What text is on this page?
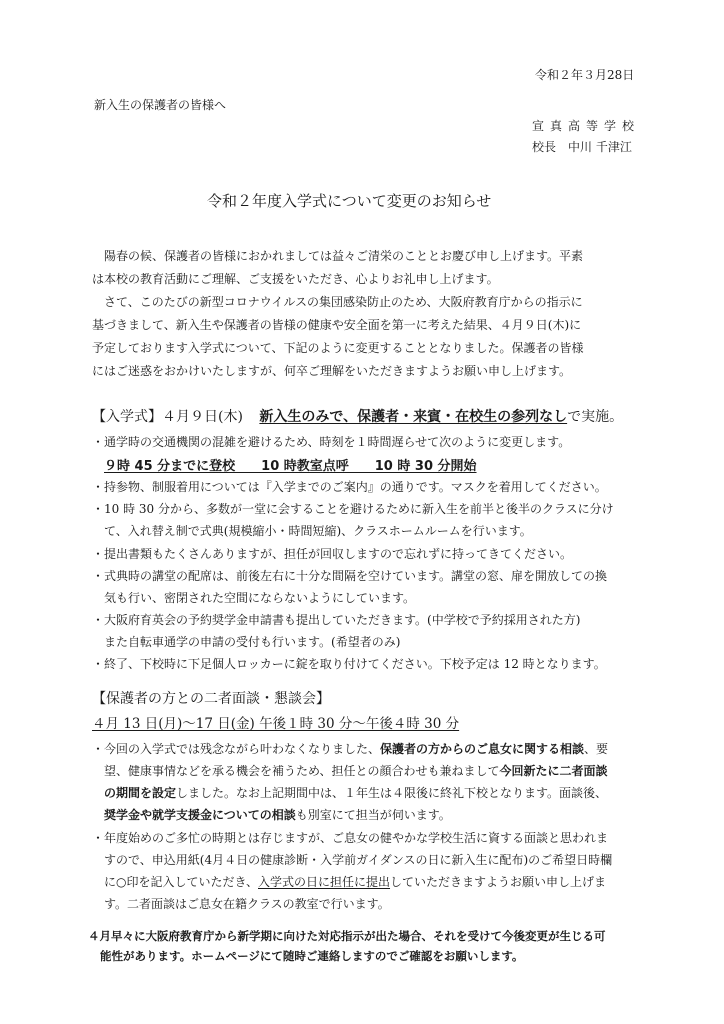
令和２年３月28日
新入生の保護者の皆様へ
宣真高等学校
校長　中川 千津江
令和２年度入学式について変更のお知らせ
陽春の候、保護者の皆様におかれましては益々ご清栄のこととお慶び申し上げます。平素
は本校の教育活動にご理解、ご支援をいただき、心よりお礼申し上げます。
さて、このたびの新型コロナウイルスの集団感染防止のため、大阪府教育庁からの指示に
基づきまして、新入生や保護者の皆様の健康や安全面を第一に考えた結果、４月９日(木)に
予定しております入学式について、下記のように変更することとなりました。保護者の皆様
にはご迷惑をおかけいたしますが、何卒ご理解をいただきますようお願い申し上げます。
【入学式】４月９日(木) 新入生のみで、保護者・来賓・在校生の参列なしで実施。
・通学時の交通機関の混雑を避けるため、時刻を１時間遅らせて次のように変更します。
９時 45 分までに登校　　10 時教室点呼　　10 時 30 分開始
・持参物、制服着用については『入学までのご案内』の通りです。マスクを着用してください。
・10 時 30 分から、多数が一堂に会することを避けるために新入生を前半と後半のクラスに分け
て、入れ替え制で式典(規模縮小・時間短縮)、クラスホームルームを行います。
・提出書類もたくさんありますが、担任が回収しますので忘れずに持ってきてください。
・式典時の講堂の配席は、前後左右に十分な間隔を空けています。講堂の窓、扉を開放しての換
気も行い、密閉された空間にならないようにしています。
・大阪府育英会の予約奨学金申請書も提出していただきます。(中学校で予約採用された方)
また自転車通学の申請の受付も行います。(希望者のみ)
・終了、下校時に下足個人ロッカーに錠を取り付けてください。下校予定は 12 時となります。
【保護者の方との二者面談・懇談会】
４月 13 日(月)～17 日(金) 午後１時 30 分～午後４時 30 分
・今回の入学式では残念ながら叶わなくなりました、保護者の方からのご息女に関する相談、要
望、健康事情などを承る機会を補うため、担任との顔合わせも兼ねまして今回新たに二者面談
の期間を設定しました。なお上記期間中は、１年生は４限後に終礼下校となります。面談後、
奨学金や就学支援金についての相談も別室にて担当が伺います。
・年度始めのご多忙の時期とは存じますが、ご息女の健やかな学校生活に資する面談と思われま
すので、申込用紙(4月４日の健康診断・入学前ガイダンスの日に新入生に配布)のご希望日時欄
に○印を記入していただき、入学式の日に担任に提出していただきますようお願い申し上げま
す。二者面談はご息女在籍クラスの教室で行います。
４月早々に大阪府教育庁から新学期に向けた対応指示が出た場合、それを受けて今後変更が生じる可
能性があります。ホームページにて随時ご連絡しますのでご確認をお願いします。
